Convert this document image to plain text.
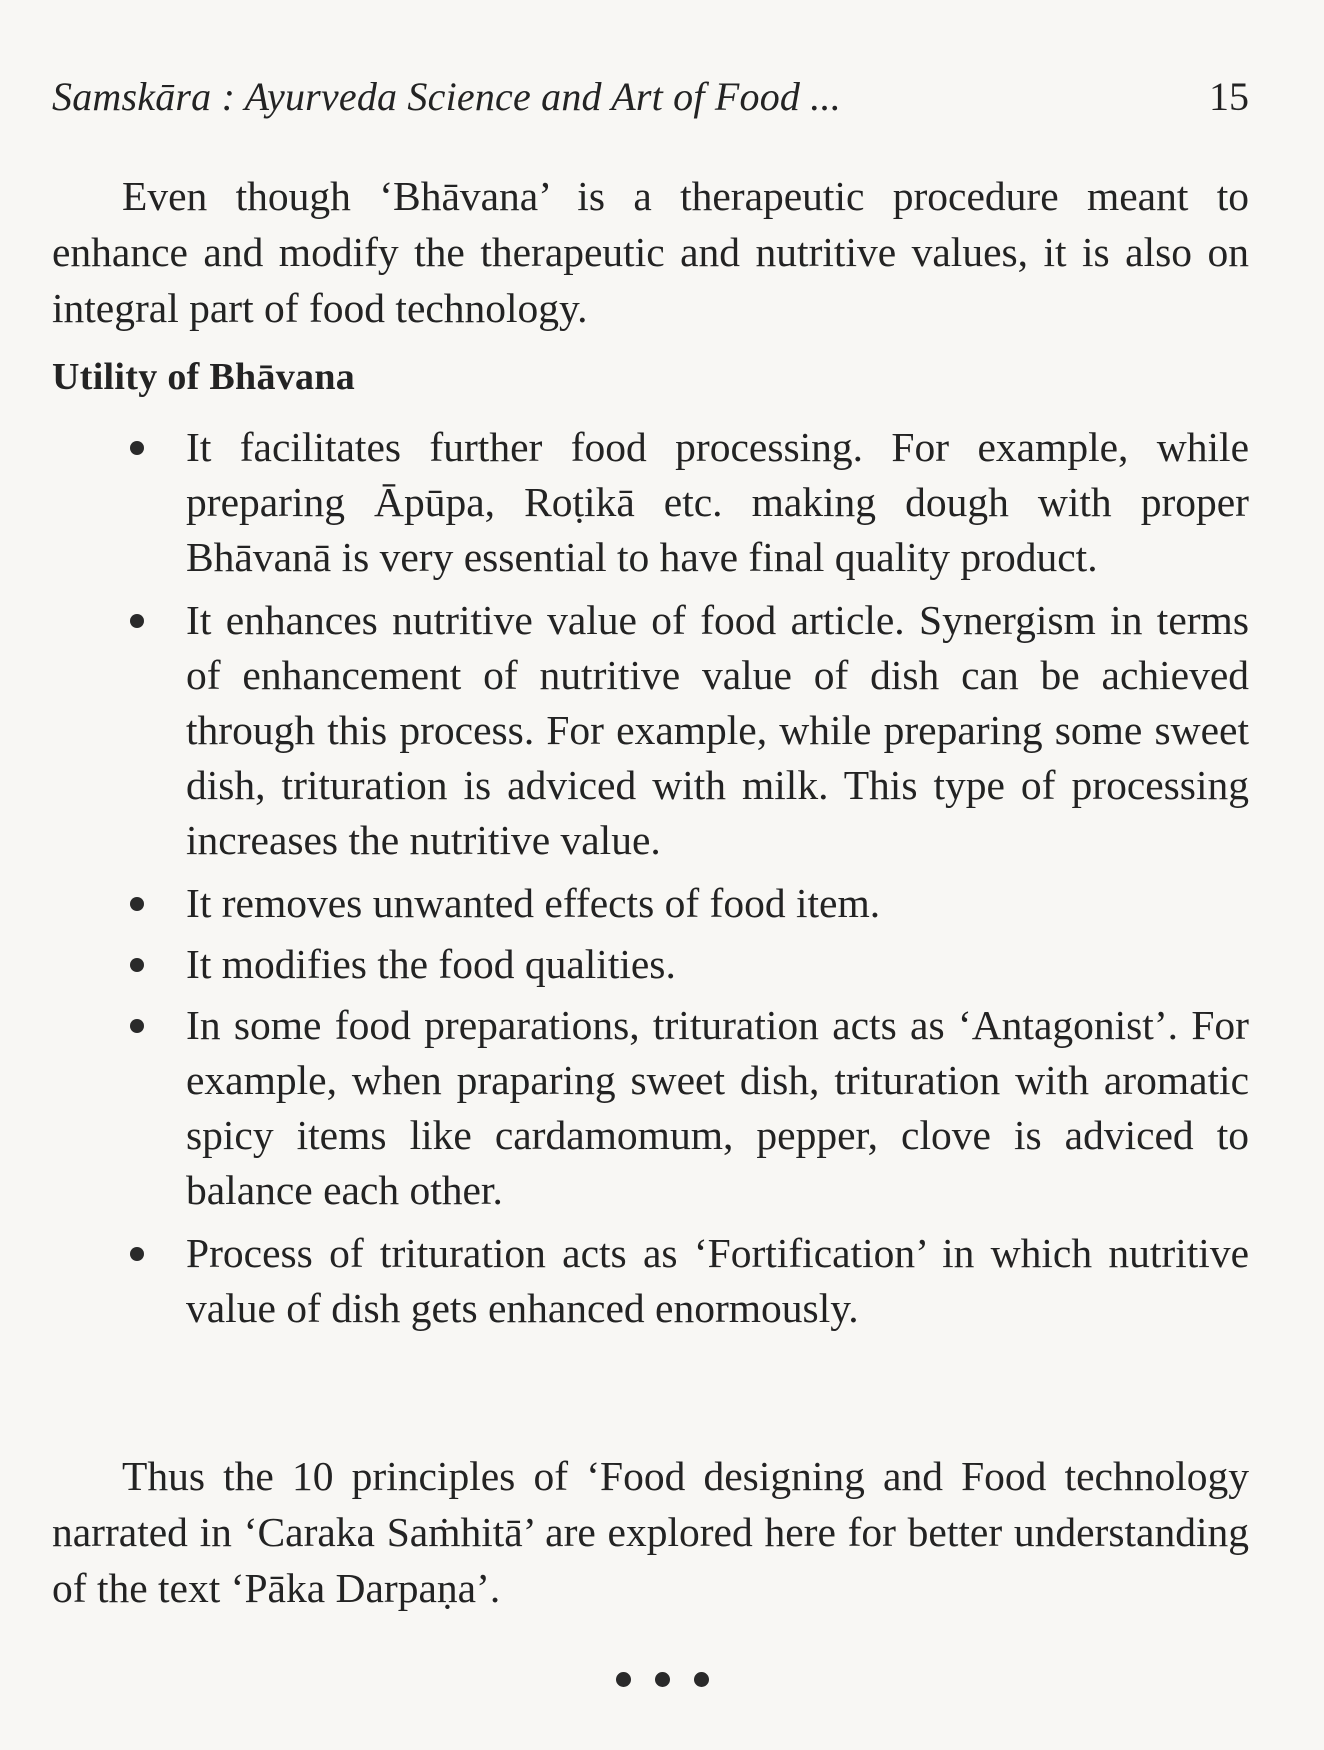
Samskāra : Ayurveda Science and Art of Food ...	15

Even though ‘Bhāvana’ is a therapeutic procedure meant to enhance and modify the therapeutic and nutritive values, it is also on integral part of food technology.

Utility of Bhāvana
It facilitates further food processing. For example, while preparing Āpūpa, Roṭikā etc. making dough with proper Bhāvanā is very essential to have final quality product.
It enhances nutritive value of food article. Synergism in terms of enhancement of nutritive value of dish can be achieved through this process. For example, while preparing some sweet dish, trituration is adviced with milk. This type of processing increases the nutritive value.
It removes unwanted effects of food item.
It modifies the food qualities.
In some food preparations, trituration acts as ‘Antagonist’. For example, when praparing sweet dish, trituration with aromatic spicy items like cardamomum, pepper, clove is adviced to balance each other.
Process of trituration acts as ‘Fortification’ in which nutritive value of dish gets enhanced enormously.

Thus the 10 principles of ‘Food designing and Food technology narrated in ‘Caraka Saṁhitā’ are explored here for better understanding of the text ‘Pāka Darpaṇa’.
